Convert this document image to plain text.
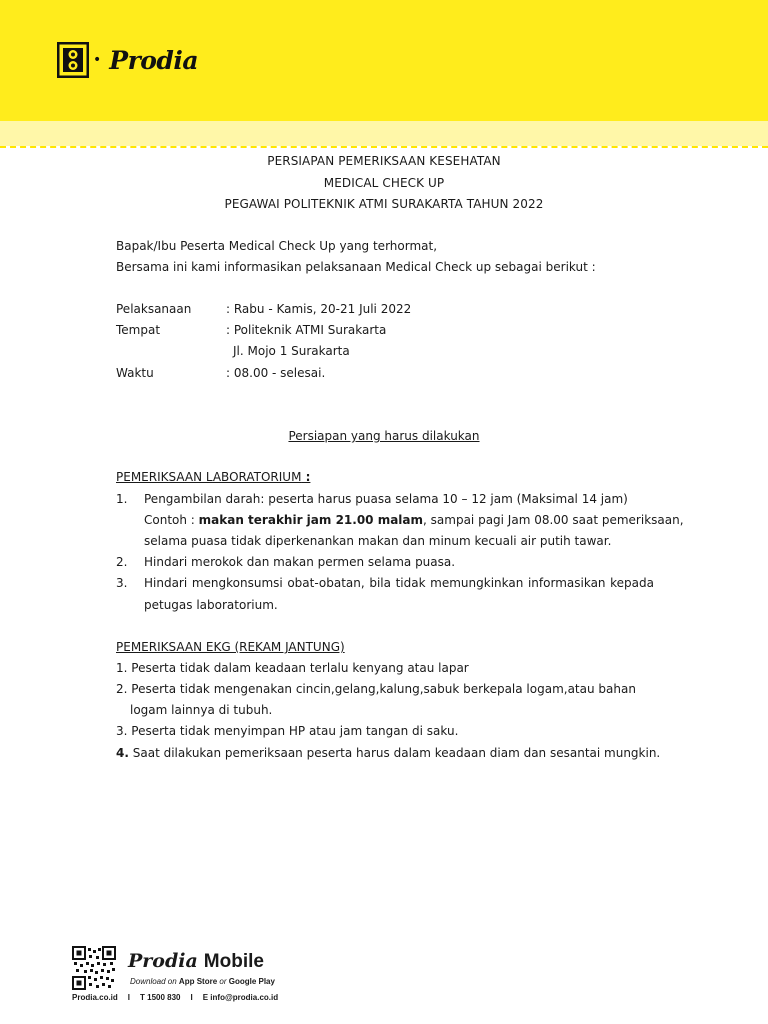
• Prodia
PERSIAPAN PEMERIKSAAN KESEHATAN
MEDICAL CHECK UP
PEGAWAI POLITEKNIK ATMI SURAKARTA TAHUN 2022
Bapak/Ibu Peserta Medical Check Up yang terhormat,
Bersama ini kami informasikan pelaksanaan Medical Check up sebagai berikut :
Pelaksanaan	: Rabu - Kamis, 20-21 Juli 2022
Tempat	: Politeknik ATMI Surakarta
Jl. Mojo 1 Surakarta
Waktu	: 08.00 - selesai.
Persiapan yang harus dilakukan
PEMERIKSAAN LABORATORIUM :
1. Pengambilan darah: peserta harus puasa selama 10 – 12 jam (Maksimal 14 jam)
Contoh : makan terakhir jam 21.00 malam, sampai pagi Jam 08.00 saat pemeriksaan,
selama puasa tidak diperkenankan makan dan minum kecuali air putih tawar.
2. Hindari merokok dan makan permen selama puasa.
3. Hindari mengkonsumsi obat-obatan, bila tidak memungkinkan informasikan kepada
petugas laboratorium.
PEMERIKSAAN EKG (REKAM JANTUNG)
1. Peserta tidak dalam keadaan terlalu kenyang atau lapar
2. Peserta tidak mengenakan cincin,gelang,kalung,sabuk berkepala logam,atau bahan
logam lainnya di tubuh.
3. Peserta tidak menyimpan HP atau jam tangan di saku.
4. Saat dilakukan pemeriksaan peserta harus dalam keadaan diam dan sesantai mungkin.
Prodia Mobile
Download on App Store or Google Play
Prodia.co.id I T 1500 830 I E info@prodia.co.id
